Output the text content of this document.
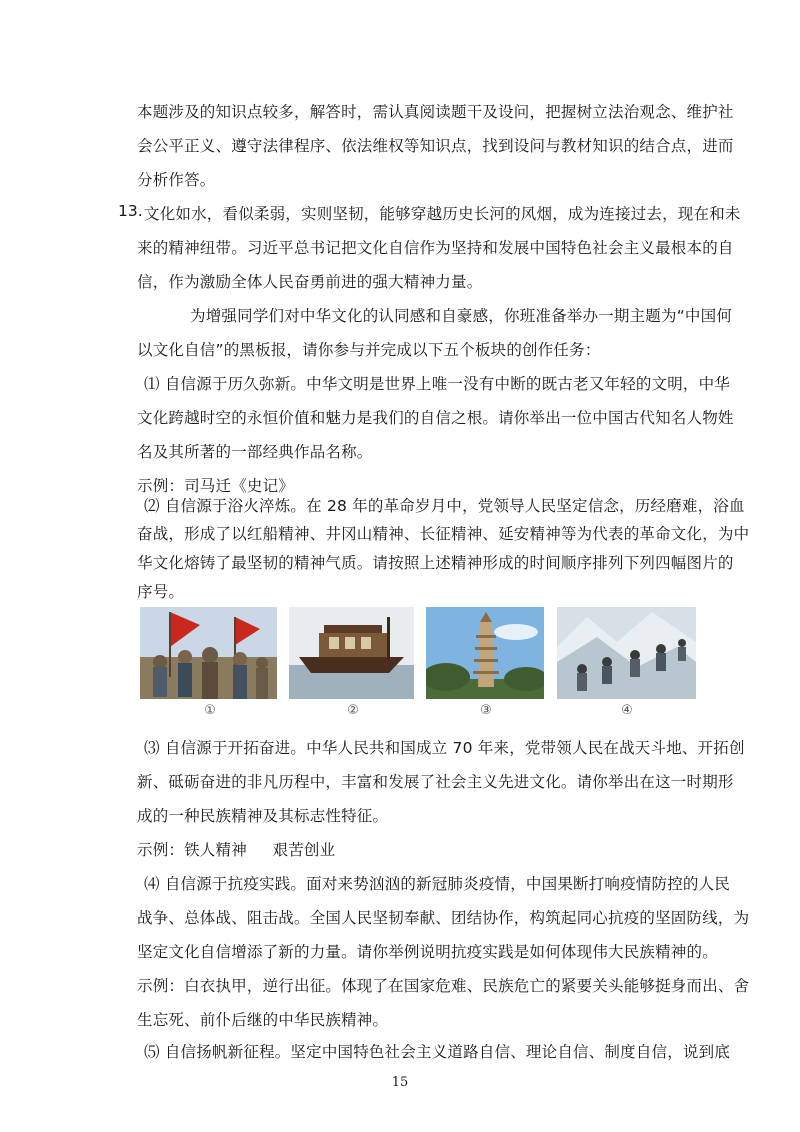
本题涉及的知识点较多，解答时，需认真阅读题干及设问，把握树立法治观念、维护社
会公平正义、遵守法律程序、依法维权等知识点，找到设问与教材知识的结合点，进而
分析作答。
13. 文化如水，看似柔弱，实则坚韧，能够穿越历史长河的风烟，成为连接过去，现在和未
来的精神纽带。习近平总书记把文化自信作为坚持和发展中国特色社会主义最根本的自
信，作为激励全体人民奋勇前进的强大精神力量。
为增强同学们对中华文化的认同感和自豪感，你班准备举办一期主题为“中国何
以文化自信”的黑板报，请你参与并完成以下五个板块的创作任务：
⑴ 自信源于历久弥新。中华文明是世界上唯一没有中断的既古老又年轻的文明，中华
文化跨越时空的永恒价值和魅力是我们的自信之根。请你举出一位中国古代知名人物姓
名及其所著的一部经典作品名称。
示例：司马迁《史记》
⑵ 自信源于浴火淬炼。在 28 年的革命岁月中，党领导人民坚定信念，历经磨难，浴血
奋战，形成了以红船精神、井冈山精神、长征精神、延安精神等为代表的革命文化，为中
华文化熔铸了最坚韧的精神气质。请按照上述精神形成的时间顺序排列下列四幅图片的
①	②	③	④
⑶ 自信源于开拓奋进。中华人民共和国成立 70 年来，党带领人民在战天斗地、开拓创
新、砥砺奋进的非凡历程中，丰富和发展了社会主义先进文化。请你举出在这一时期形
成的一种民族精神及其标志性特征。
示例：铁人精神     艰苦创业
⑷ 自信源于抗疫实践。面对来势汹汹的新冠肺炎疫情，中国果断打响疫情防控的人民
战争、总体战、阻击战。全国人民坚韧奉献、团结协作，构筑起同心抗疫的坚固防线，为
坚定文化自信增添了新的力量。请你举例说明抗疫实践是如何体现伟大民族精神的。
示例：白衣执甲，逆行出征。体现了在国家危难、民族危亡的紧要关头能够挺身而出、舍
生忘死、前仆后继的中华民族精神。
⑸ 自信扬帆新征程。坚定中国特色社会主义道路自信、理论自信、制度自信，说到底
15
序号。
